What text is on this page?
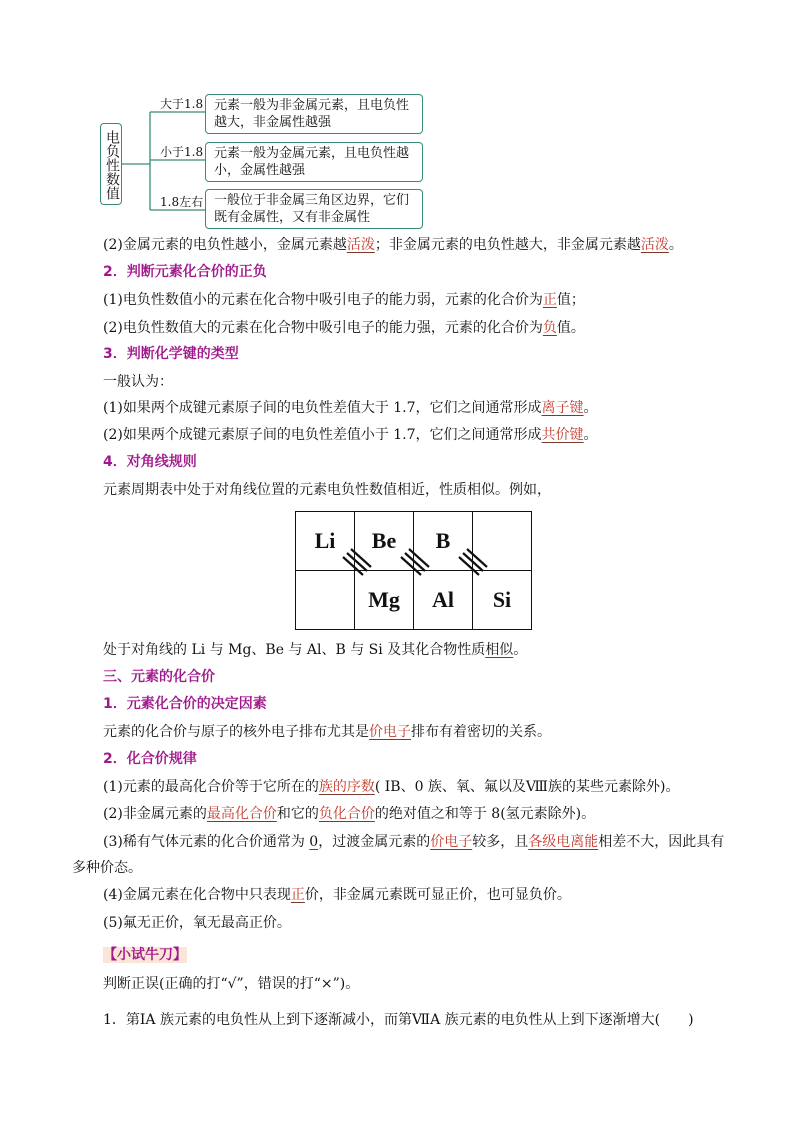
电负性数值
大于1.8
小于1.8
1.8左右
元素一般为非金属元素，且电负性
越大，非金属性越强
元素一般为金属元素，且电负性越
小，金属性越强
一般位于非金属三角区边界，它们
既有金属性，又有非金属性
(2)金属元素的电负性越小，金属元素越活泼；非金属元素的电负性越大，非金属元素越活泼。
2．判断元素化合价的正负
(1)电负性数值小的元素在化合物中吸引电子的能力弱，元素的化合价为正值；
(2)电负性数值大的元素在化合物中吸引电子的能力强，元素的化合价为负值。
3．判断化学键的类型
一般认为：
(1)如果两个成键元素原子间的电负性差值大于 1.7，它们之间通常形成离子键。
(2)如果两个成键元素原子间的电负性差值小于 1.7，它们之间通常形成共价键。
4．对角线规则
元素周期表中处于对角线位置的元素电负性数值相近，性质相似。例如，
Li	Be	B	
	Mg	Al	Si
处于对角线的 Li 与 Mg、Be 与 Al、B 与 Si 及其化合物性质相似。
三、元素的化合价
1．元素化合价的决定因素
元素的化合价与原子的核外电子排布尤其是价电子排布有着密切的关系。
2．化合价规律
(1)元素的最高化合价等于它所在的族的序数( ⅠB、0 族、氧、氟以及Ⅷ族的某些元素除外)。
(2)非金属元素的最高化合价和它的负化合价的绝对值之和等于 8(氢元素除外)。
(3)稀有气体元素的化合价通常为 0，过渡金属元素的价电子较多，且各级电离能相差不大，因此具有
多种价态。
(4)金属元素在化合物中只表现正价，非金属元素既可显正价，也可显负价。
(5)氟无正价，氧无最高正价。
【小试牛刀】
判断正误(正确的打“√”，错误的打“×”)。
1．第ⅠA 族元素的电负性从上到下逐渐减小，而第ⅦA 族元素的电负性从上到下逐渐增大(　　)
